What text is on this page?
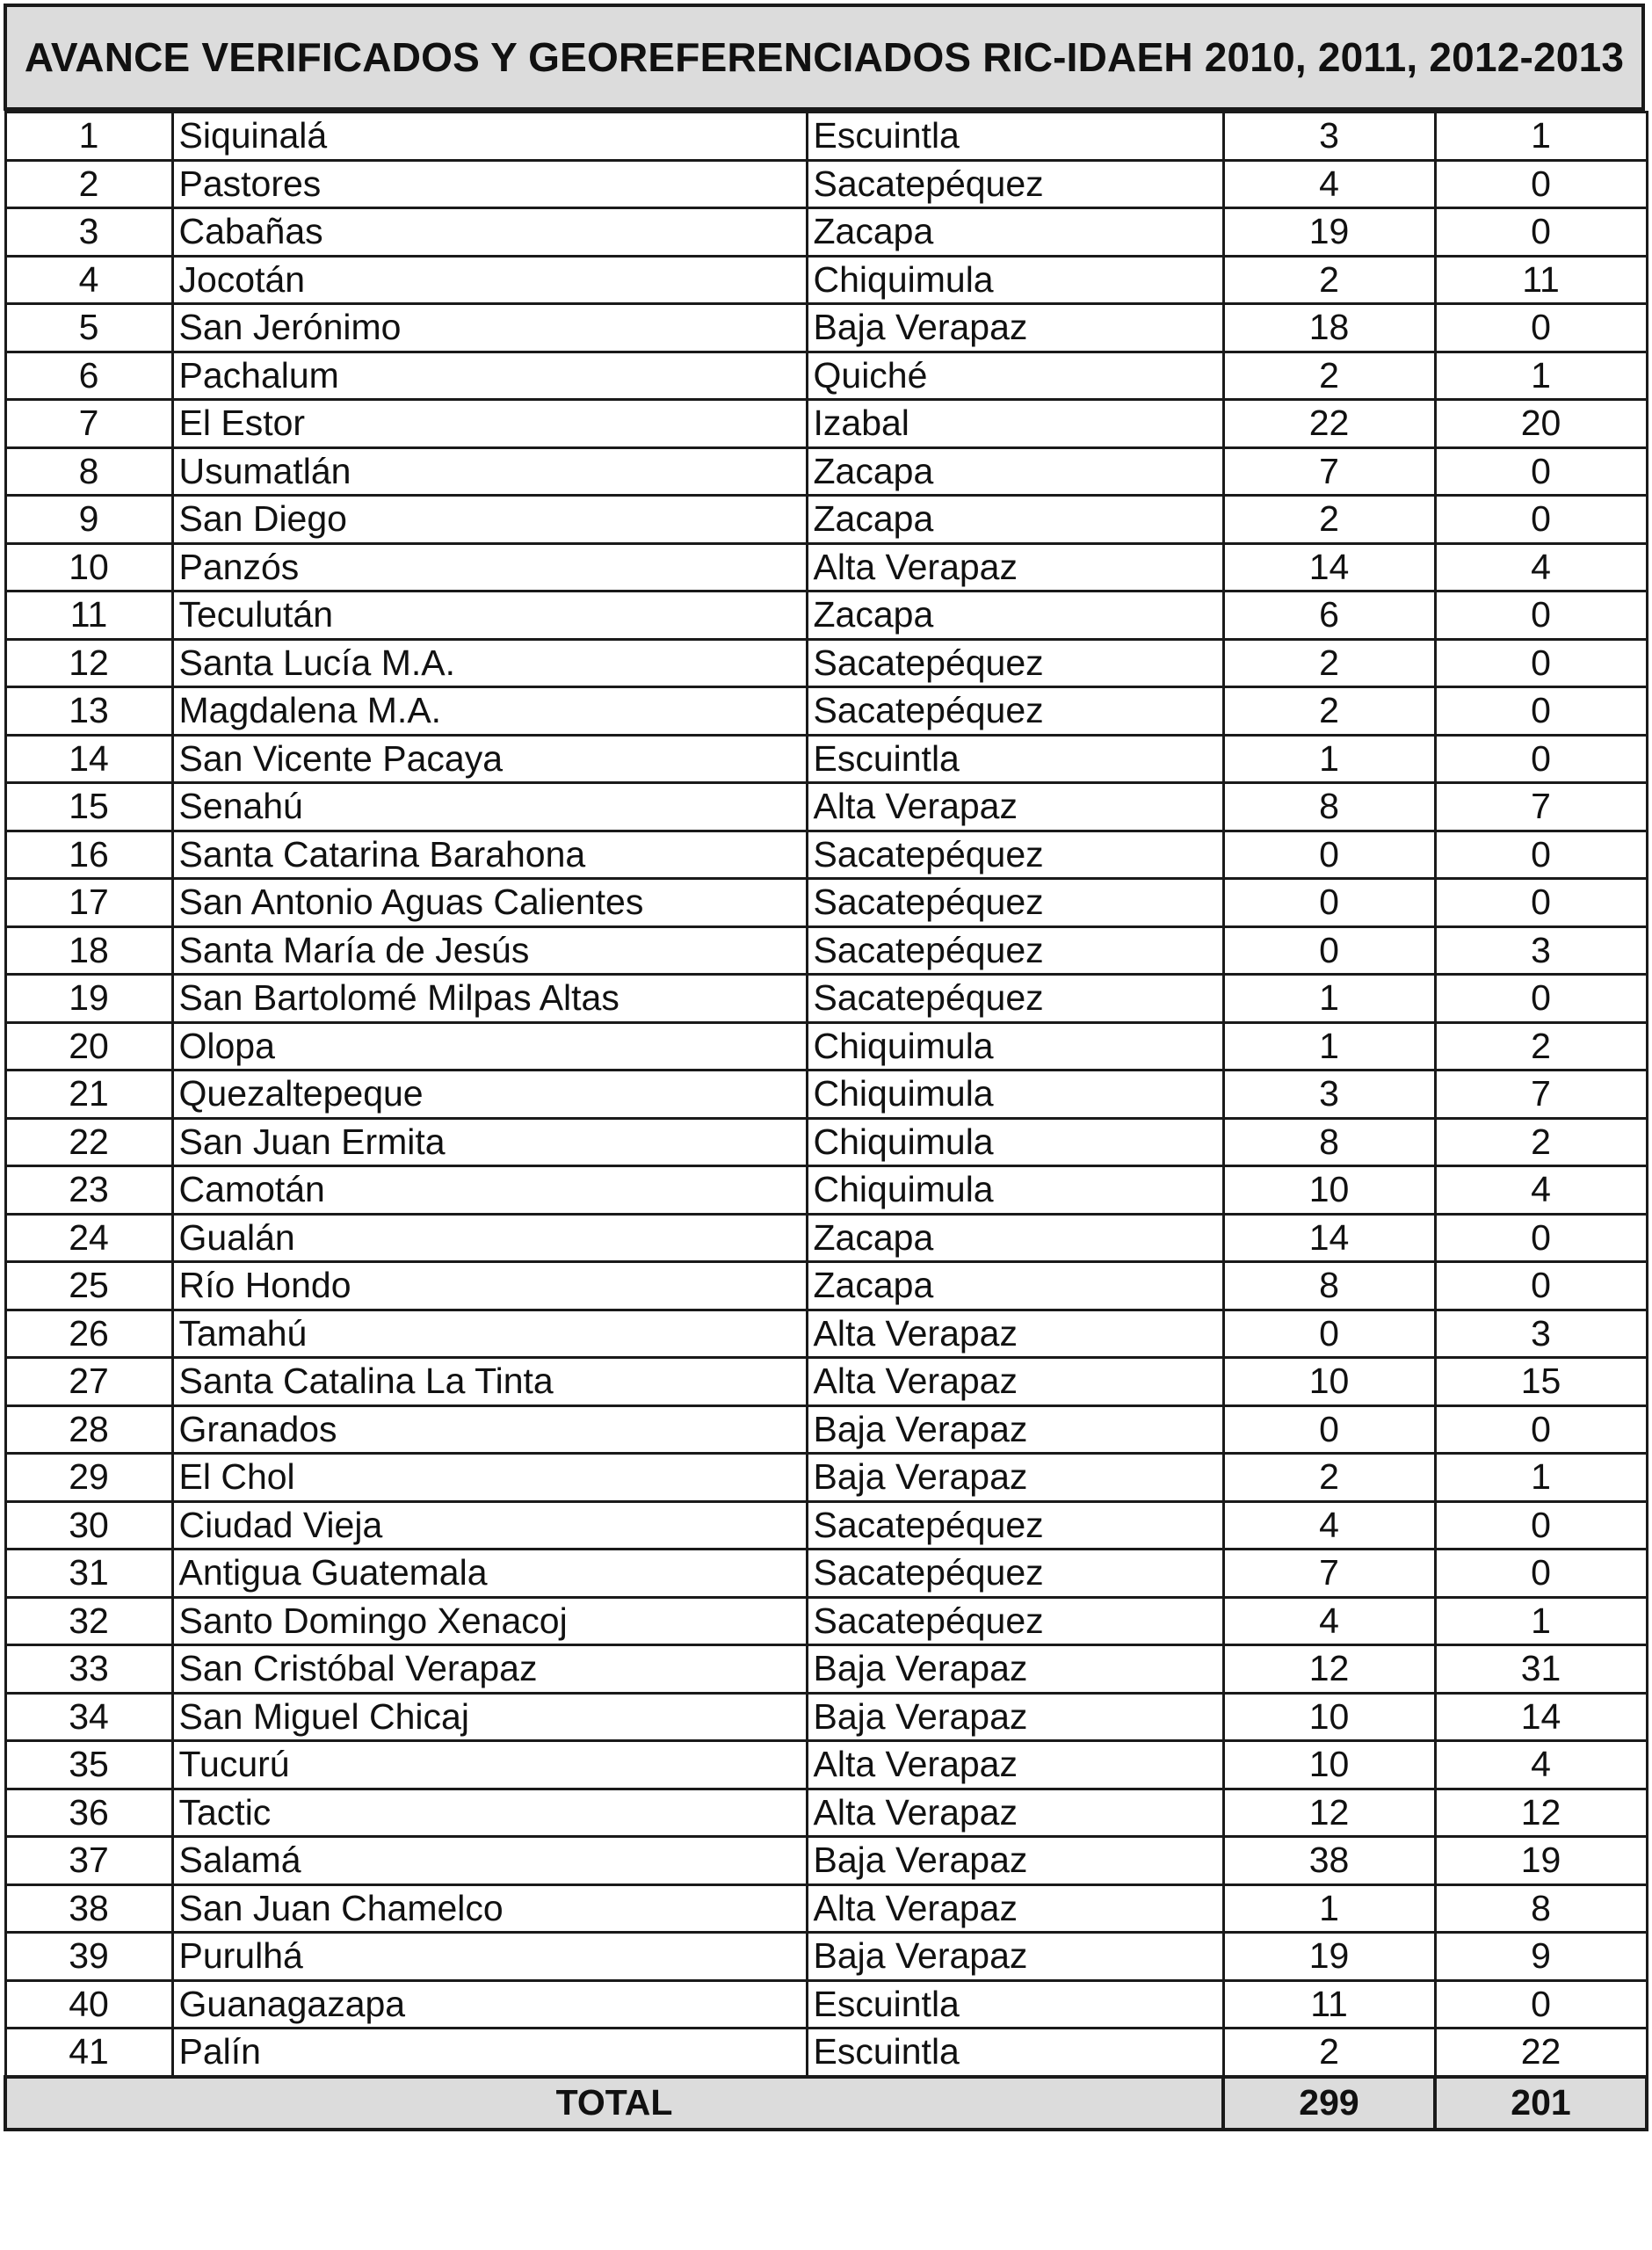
AVANCE VERIFICADOS Y GEOREFERENCIADOS RIC-IDAEH 2010, 2011, 2012-2013
1	Siquinalá	Escuintla	3	1
2	Pastores	Sacatepéquez	4	0
3	Cabañas	Zacapa	19	0
4	Jocotán	Chiquimula	2	11
5	San Jerónimo	Baja Verapaz	18	0
6	Pachalum	Quiché	2	1
7	El Estor	Izabal	22	20
8	Usumatlán	Zacapa	7	0
9	San Diego	Zacapa	2	0
10	Panzós	Alta Verapaz	14	4
11	Teculután	Zacapa	6	0
12	Santa Lucía M.A.	Sacatepéquez	2	0
13	Magdalena M.A.	Sacatepéquez	2	0
14	San Vicente Pacaya	Escuintla	1	0
15	Senahú	Alta Verapaz	8	7
16	Santa Catarina Barahona	Sacatepéquez	0	0
17	San Antonio Aguas Calientes	Sacatepéquez	0	0
18	Santa María de Jesús	Sacatepéquez	0	3
19	San Bartolomé Milpas Altas	Sacatepéquez	1	0
20	Olopa	Chiquimula	1	2
21	Quezaltepeque	Chiquimula	3	7
22	San Juan Ermita	Chiquimula	8	2
23	Camotán	Chiquimula	10	4
24	Gualán	Zacapa	14	0
25	Río Hondo	Zacapa	8	0
26	Tamahú	Alta Verapaz	0	3
27	Santa Catalina La Tinta	Alta Verapaz	10	15
28	Granados	Baja Verapaz	0	0
29	El Chol	Baja Verapaz	2	1
30	Ciudad Vieja	Sacatepéquez	4	0
31	Antigua Guatemala	Sacatepéquez	7	0
32	Santo Domingo Xenacoj	Sacatepéquez	4	1
33	San Cristóbal Verapaz	Baja Verapaz	12	31
34	San Miguel Chicaj	Baja Verapaz	10	14
35	Tucurú	Alta Verapaz	10	4
36	Tactic	Alta Verapaz	12	12
37	Salamá	Baja Verapaz	38	19
38	San Juan Chamelco	Alta Verapaz	1	8
39	Purulhá	Baja Verapaz	19	9
40	Guanagazapa	Escuintla	11	0
41	Palín	Escuintla	2	22
TOTAL			299	201
